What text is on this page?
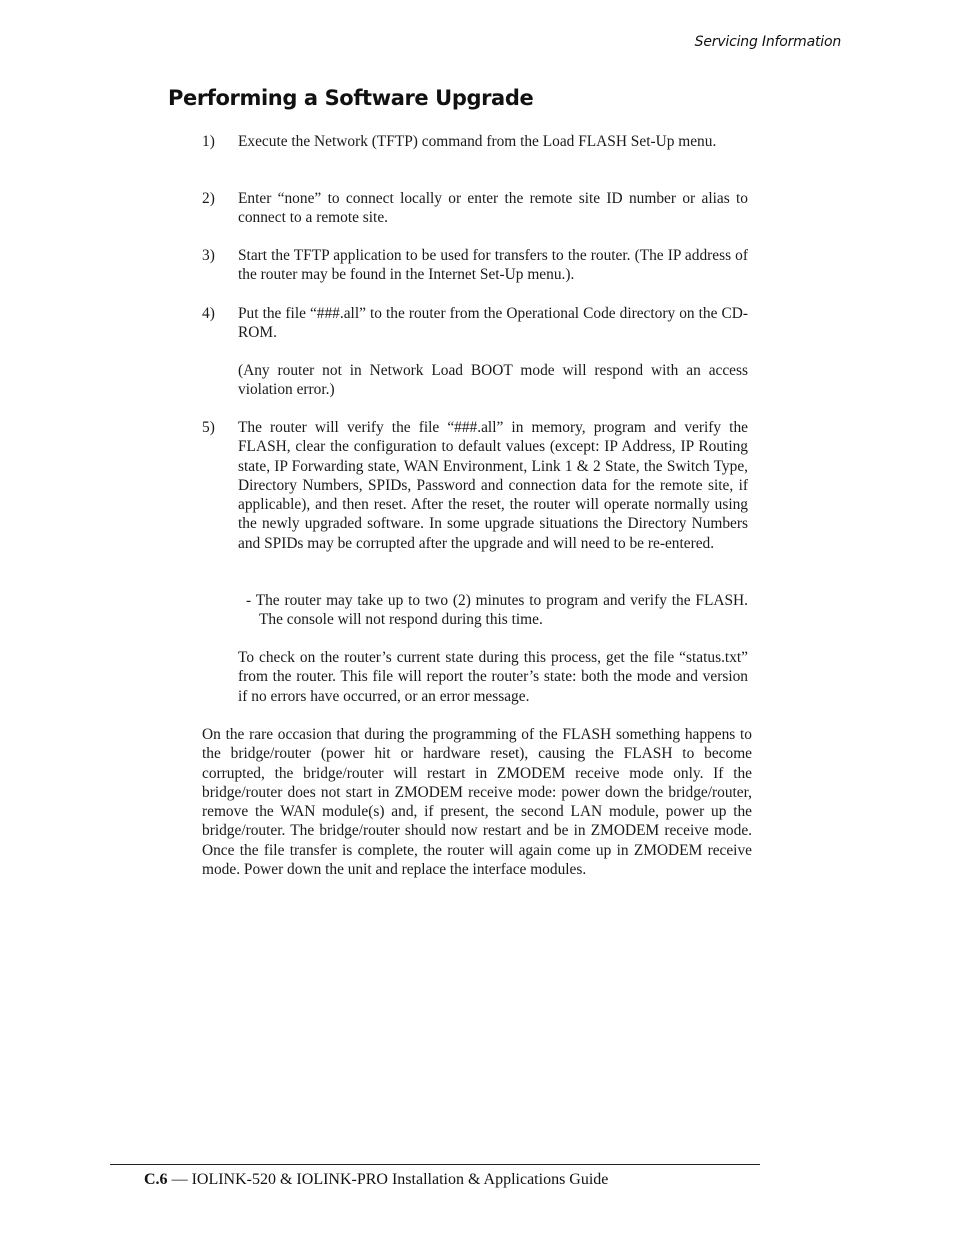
Servicing Information
Performing a Software Upgrade
1)	Execute the Network (TFTP) command from the Load FLASH Set-Up menu.
2)	Enter “none” to connect locally or enter the remote site ID number or alias to connect to a remote site.
3)	Start the TFTP application to be used for transfers to the router. (The IP address of the router may be found in the Internet Set-Up menu.).
4)	Put the file “###.all” to the router from the Operational Code directory on the CD-ROM.
(Any router not in Network Load BOOT mode will respond with an access violation error.)
5)	The router will verify the file “###.all” in memory, program and verify the FLASH, clear the configuration to default values (except: IP Address, IP Routing state, IP Forwarding state, WAN Environment, Link 1 & 2 State, the Switch Type, Directory Numbers, SPIDs, Password and connection data for the remote site, if applicable), and then reset. After the reset, the router will operate normally using the newly upgraded software. In some upgrade situations the Directory Numbers and SPIDs may be corrupted after the upgrade and will need to be re-entered.
- The router may take up to two (2) minutes to program and verify the FLASH. The console will not respond during this time.
To check on the router’s current state during this process, get the file “status.txt” from the router. This file will report the router’s state: both the mode and version if no errors have occurred, or an error message.
On the rare occasion that during the programming of the FLASH something happens to the bridge/router (power hit or hardware reset), causing the FLASH to become corrupted, the bridge/router will restart in ZMODEM receive mode only. If the bridge/router does not start in ZMODEM receive mode: power down the bridge/router, remove the WAN module(s) and, if present, the second LAN module, power up the bridge/router. The bridge/router should now restart and be in ZMODEM receive mode. Once the file transfer is complete, the router will again come up in ZMODEM receive mode. Power down the unit and replace the interface modules.
C.6 — IOLINK-520 & IOLINK-PRO Installation & Applications Guide
